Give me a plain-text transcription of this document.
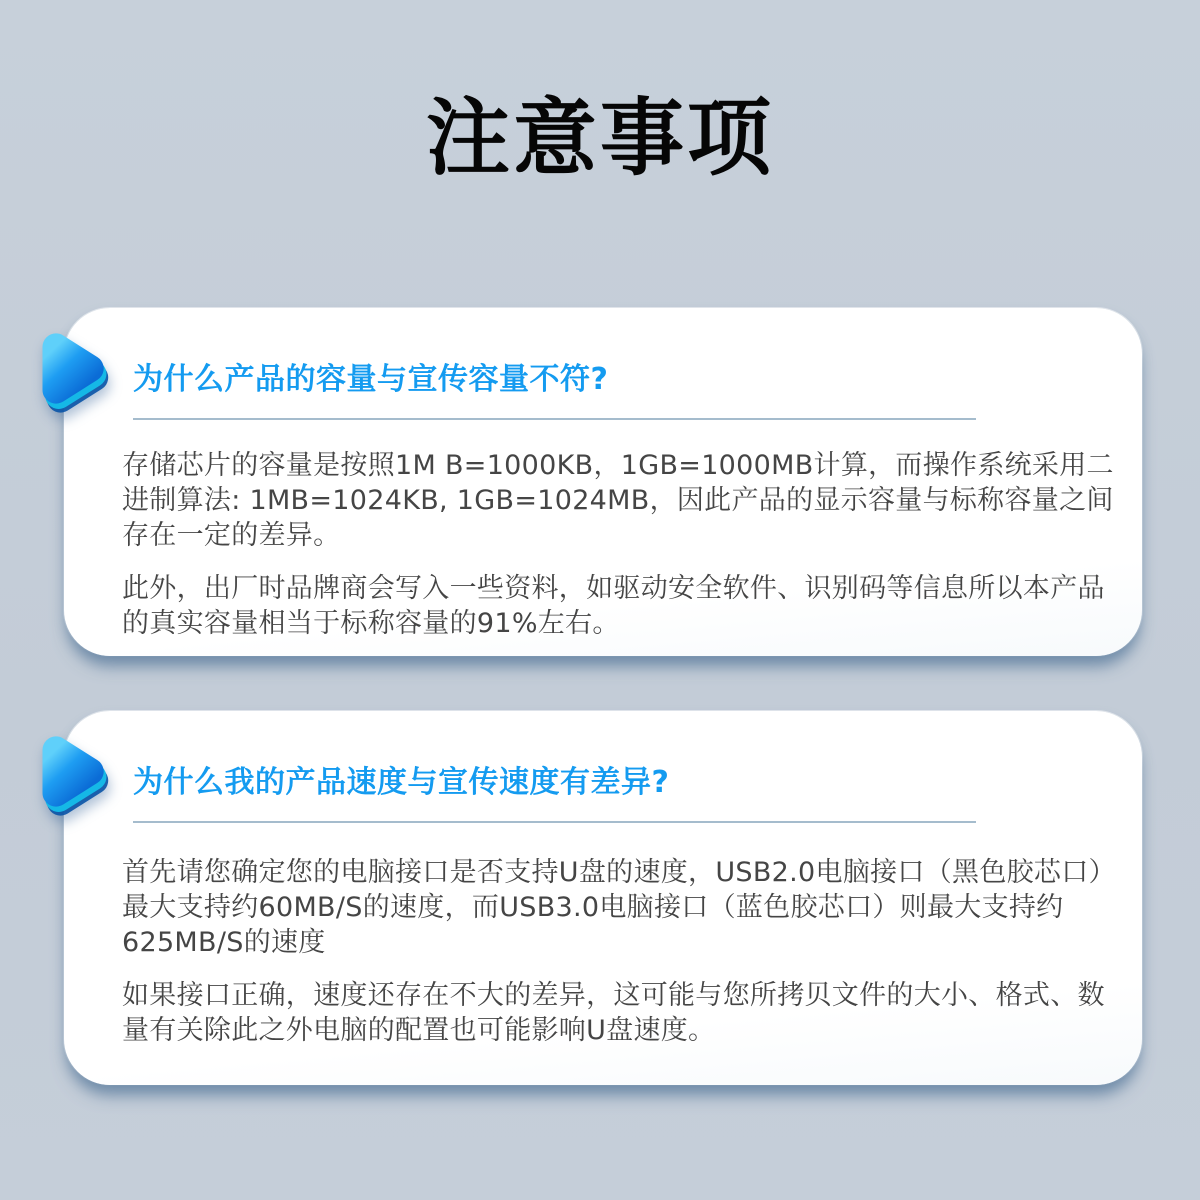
注意事项
为什么产品的容量与宣传容量不符?

存储芯片的容量是按照1M B=1000KB，1GB=1000MB计算，而操作系统采用二进制算法: 1MB=1024KB, 1GB=1024MB，因此产品的显示容量与标称容量之间存在一定的差异。

此外，出厂时品牌商会写入一些资料，如驱动安全软件、识别码等信息所以本产品的真实容量相当于标称容量的91%左右。

为什么我的产品速度与宣传速度有差异?

首先请您确定您的电脑接口是否支持U盘的速度，USB2.0电脑接口（黑色胶芯口）最大支持约60MB/S的速度，而USB3.0电脑接口（蓝色胶芯口）则最大支持约625MB/S的速度

如果接口正确，速度还存在不大的差异，这可能与您所拷贝文件的大小、格式、数量有关除此之外电脑的配置也可能影响U盘速度。
